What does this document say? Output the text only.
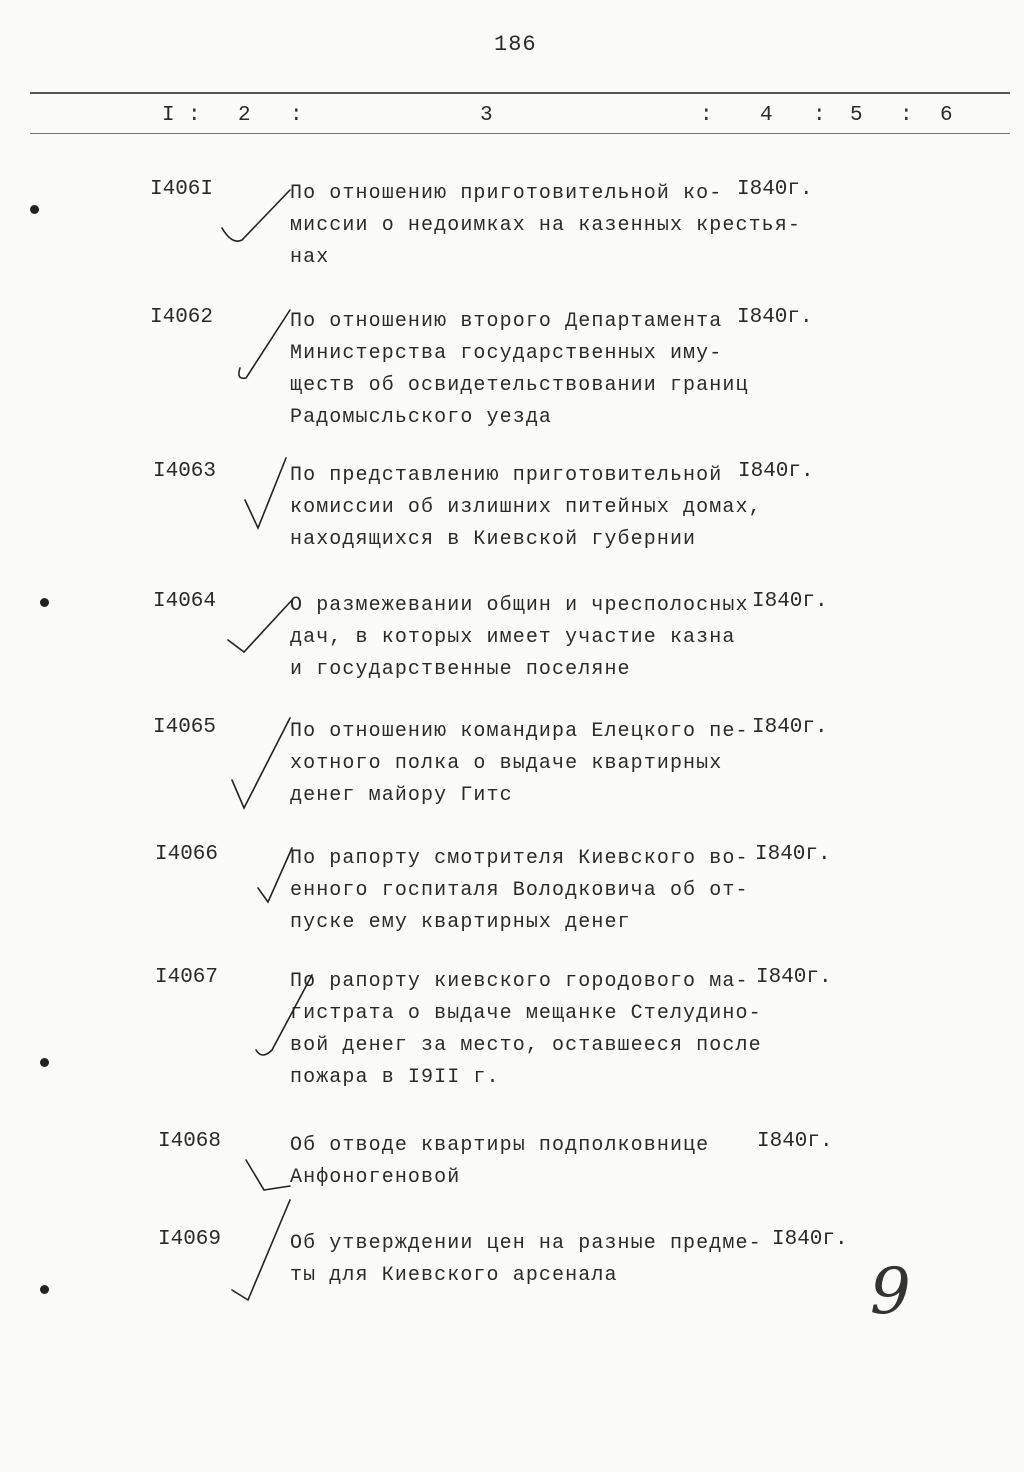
186
I : 2 :	3	: 4 : 5 : 6
I406I	По отношению приготовительной ко-
миссии о недоимках на казенных крестья-
нах
I840г.
I4062	По отношению второго Департамента
Министерства государственных иму-
ществ об освидетельствовании границ
Радомысльского уезда
I840г.
I4063	По представлению приготовительной
комиссии об излишних питейных домах,
находящихся в Киевской губернии
I840г.
I4064	О размежевании общин и чресполосных
дач, в которых имеет участие казна
и государственные поселяне
I840г.
I4065	По отношению командира Елецкого пе-
хотного полка о выдаче квартирных
денег майору Гитс
I840г.
I4066	По рапорту смотрителя Киевского во-
енного госпиталя Володковича об от-
пуске ему квартирных денег
I840г.
I4067	По рапорту киевского городового ма-
гистрата о выдаче мещанке Стелудино-
вой денег за место, оставшееся после
пожара в I9II г.
I840г.
I4068	Об отводе квартиры подполковнице
Анфоногеновой
I840г.
I4069	Об утверждении цен на разные предме-
ты для Киевского арсенала
I840г.
9
